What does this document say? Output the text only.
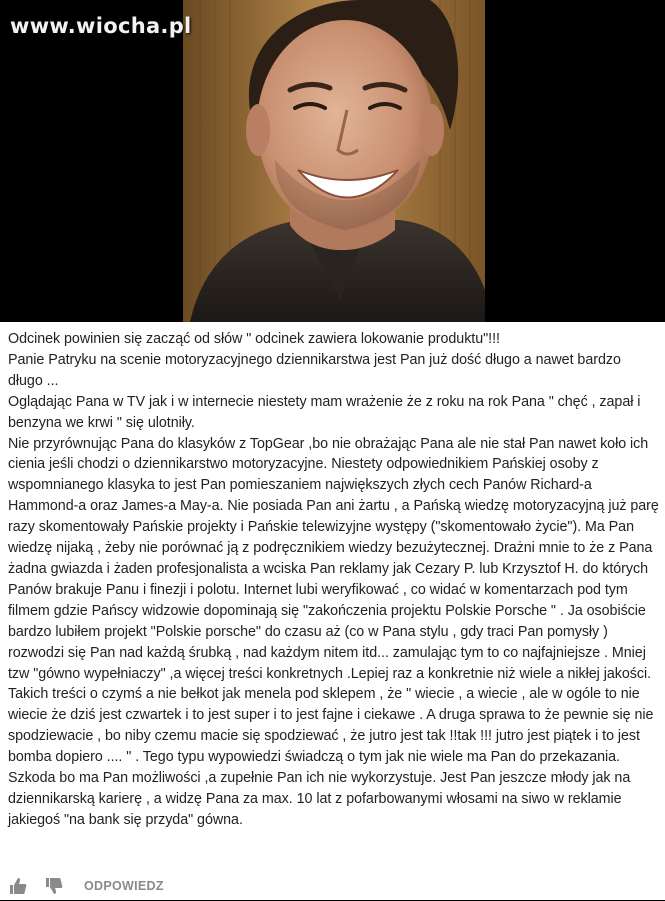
www.wiocha.pl

Odcinek powinien się zacząć od słów " odcinek zawiera lokowanie produktu"!!!

Panie Patryku na scenie motoryzacyjnego dziennikarstwa jest Pan już dość długo a nawet bardzo długo ...

Oglądając Pana w TV jak i w internecie niestety mam wrażenie że z roku na rok Pana " chęć , zapał i benzyna we krwi " się ulotniły.

Nie przyrównując Pana do klasyków z TopGear ,bo nie obrażając Pana ale nie stał Pan nawet koło ich cienia jeśli chodzi o dziennikarstwo motoryzacyjne. Niestety odpowiednikiem Pańskiej osoby z wspomnianego klasyka to jest Pan pomieszaniem największych złych cech Panów Richard-a Hammond-a oraz James-a May-a. Nie posiada Pan ani żartu , a Pańską wiedzę motoryzacyjną już parę razy skomentowały Pańskie projekty i Pańskie telewizyjne występy ("skomentowało życie"). Ma Pan wiedzę nijaką , żeby nie porównać ją z podręcznikiem wiedzy bezużytecznej. Drażni mnie to że z Pana żadna gwiazda i żaden profesjonalista a wciska Pan reklamy jak Cezary P. lub Krzysztof H. do których Panów brakuje Panu i finezji i polotu. Internet lubi weryfikować , co widać w komentarzach pod tym filmem gdzie Pańscy widzowie dopominają się "zakończenia projektu Polskie Porsche " . Ja osobiście bardzo lubiłem projekt "Polskie porsche" do czasu aż (co w Pana stylu , gdy traci Pan pomysły ) rozwodzi się Pan nad każdą śrubką , nad każdym nitem itd... zamulając tym to co najfajniejsze . Mniej tzw "gówno wypełniaczy" ,a więcej treści konkretnych .Lepiej raz a konkretnie niż wiele a nikłej jakości. Takich treści o czymś a nie bełkot jak menela pod sklepem , że " wiecie , a wiecie , ale w ogóle to nie wiecie że dziś jest czwartek i to jest super i to jest fajne i ciekawe . A druga sprawa to że pewnie się nie spodziewacie , bo niby czemu macie się spodziewać , że jutro jest tak !!tak !!! jutro jest piątek i to jest bomba dopiero .... " . Tego typu wypowiedzi świadczą o tym jak nie wiele ma Pan do przekazania. Szkoda bo ma Pan możliwości ,a zupełnie Pan ich nie wykorzystuje. Jest Pan jeszcze młody jak na dziennikarską karierę , a widzę Pana za max. 10 lat z pofarbowanymi włosami na siwo w reklamie jakiegoś "na bank się przyda" gówna.

ODPOWIEDZ
